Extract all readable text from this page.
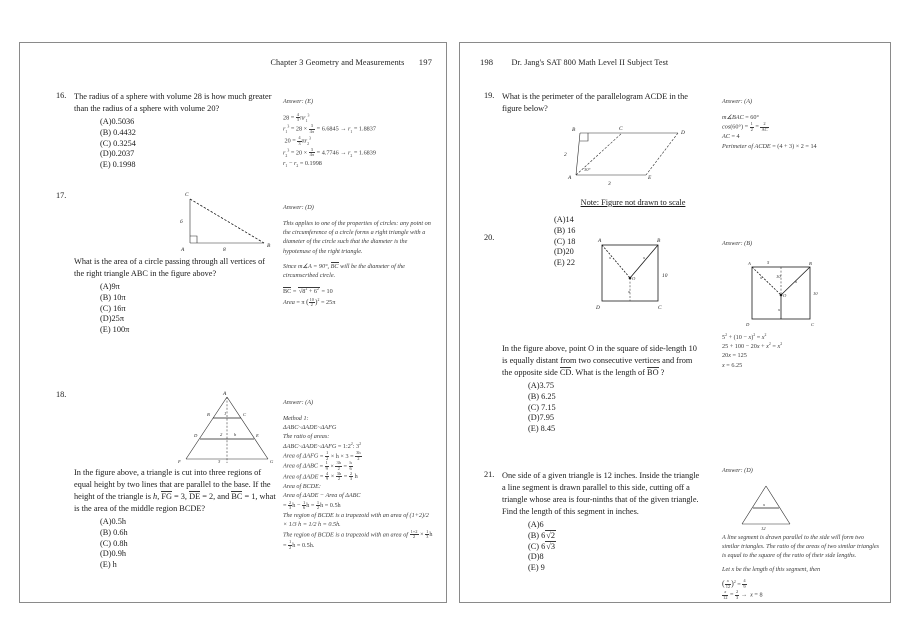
Chapter 3 Geometry and Measurements 197
16. The radius of a sphere with volume 28 is how much greater than the radius of a sphere with volume 20?
(A)0.5036
(B) 0.4432
(C) 0.3254
(D)0.2037
(E) 0.1998

Answer: (E)

$28 = \frac{4}{3} \pi r_1^3$

$r_1^3 = 28 \times \frac{3}{4\pi} = 6.6845 \to r_1 = 1.8837$

$20 = \frac{4}{3} \pi r_2^3$

$r_2^3 = 20 \times \frac{3}{4\pi} = 4.7746 \to r_2 = 1.6839$

$r_1 - r_2 = 0.1998$

17.	C
6
A	8
B
What is the area of a circle passing through all vertices of the right triangle ABC in the figure above?
(A)9π
(B) 10π
(C) 16π
(D)25π
(E) 100π

Answer: (D)

This applies to one of the properties of circles: any point on the circumference of a circle forms a right triangle with a diameter of the circle such that the diameter is the hypotenuse of the right triangle.

Since m∡A = 90°, BC will be the diameter of the circumscribed circle.

BC = $√8^2 + 6^2 = 10$

Area = π ( $\frac{10}{2} )^2 = 25\pi$

18.	A
B	C
D	E
F	G
1
2	h
3
In the figure above, a triangle is cut into three regions of equal height by two lines that are parallel to the base. If the height of the triangle is h, FG = 3, DE = 2, and BC = 1, what is the area of the middle region BCDE?
(A)0.5h
(B) 0.6h
(C) 0.8h
(D)0.9h
(E) h

Answer: (A)

Method 1:

ΔABC~ΔADE~ΔAFG

The ratio of areas:

ΔABC~ΔADE~ΔAFG = $1:2^2$: $3^2$

Area of $\Delta AFG = \frac{1}{2} \times h \times 3 = \frac{3h}{2}$

Area of $\Delta ABC = \frac{1}{9} \times \frac{3h}{2} = \frac{h}{6}$

Area of $\Delta ADE = \frac{4}{9} \times \frac{3h}{2} = \frac{2}{3}$ h

Area of BCDE:

Area of ΔADE − Area of ΔABC

= $\frac{2}{3}$ $h - \frac{1}{6}$ $h = \frac{1}{2}$ h = 0.5h

The region of BCDE is a trapezoid with an area of (1+2)/2 × 1/3 h = 1/2 h = 0.5h.

The region of BCDE is a trapezoid with an area of $\frac{1+2}{2} \times \frac{1}{3}$ $h = \frac{1}{2}$ h = 0.5h.

198 Dr. Jang's SAT 800 Math Level II Subject Test
19. What is the perimeter of the parallelogram ACDE in the figure below?
B	C
D
A	E
2
3
30°
Note: Figure not drawn to scale
(A)14
(B) 16
(C) 18
(D)20
(E) 22

Answer: (A)

m∡BAC = 60°

$\cos(60^\circ) = \frac{1}{2} = \frac{2}{AC}$

AC = 4

Perimeter of ACDE = (4 + 3) × 2 = 14

20.	A	B
D	C
x	x
O
x
10
In the figure above, point O in the square of side-length 10 is equally distant from two consecutive vertices and from the opposite side CD. What is the length of BO ?
(A)3.75
(B) 6.25
(C) 7.15
(D)7.95
(E) 8.45

Answer: (B)

A	B
D	C
5
x	10
x
O
x
10

$5^2 + (10 - x)^2 = x^2$

$25 + 100 - 20x + x^2 = x^2$

20x = 125

x = 6.25

21. One side of a given triangle is 12 inches. Inside the triangle a line segment is drawn parallel to this side, cutting off a triangle whose area is four-ninths that of the given triangle. Find the length of this segment in inches.
(A)6
(B) 6√2
(C) 6√3
(D)8
(E) 9

Answer: (D)

x
12

A line segment is drawn parallel to the side will form two similar triangles. The ratio of the areas of two similar triangles is equal to the square of the ratio of their side lengths.

Let x be the length of this segment, then

( $\frac{x}{12} )^2 = \frac{4}{9}$

$\frac{x}{12} = \frac{2}{3} \to x = 8$
